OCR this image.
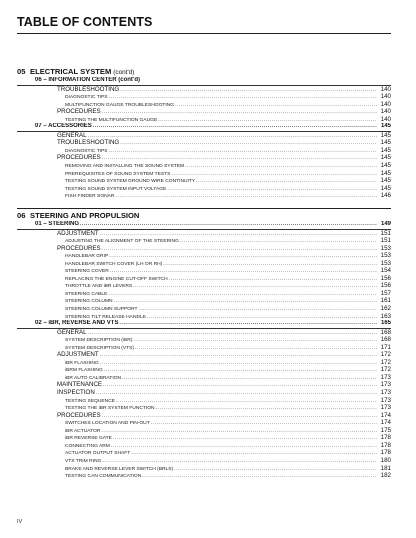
TABLE OF CONTENTS
05 ELECTRICAL SYSTEM (cont'd)
06 – INFORMATION CENTER (cont'd)
TROUBLESHOOTING .....	140
DIAGNOSTIC TIPS .....	140
MULTIFUNCTION GAUGE TROUBLESHOOTING .....	140
PROCEDURES .....	140
TESTING THE MULTIFUNCTION GAUGE .....	140
07 – ACCESSORIES .....	145
GENERAL .....	145
TROUBLESHOOTING .....	145
DIAGNOSTIC TIPS .....	145
PROCEDURES .....	145
REMOVING AND INSTALLING THE SOUND SYSTEM .....	145
PREREQUISITES OF SOUND SYSTEM TESTS .....	145
TESTING SOUND SYSTEM GROUND WIRE CONTINUITY .....	145
TESTING SOUND SYSTEM INPUT VOLTAGE .....	145
FISH FINDER SONAR .....	146
06 STEERING AND PROPULSION
01 – STEERING .....	149
ADJUSTMENT .....	151
ADJUSTING THE ALIGNMENT OF THE STEERING .....	151
PROCEDURES .....	153
HANDLEBAR GRIP .....	153
HANDLEBAR SWITCH COVER (LH OR RH) .....	153
STEERING COVER .....	154
REPLACING THE ENGINE CUT-OFF SWITCH .....	156
THROTTLE AND iBR LEVERS .....	156
STEERING CABLE .....	157
STEERING COLUMN .....	161
STEERING COLUMN SUPPORT .....	162
STEERING TILT RELEASE HANDLE .....	163
02 – iBR, REVERSE AND VTS .....	165
GENERAL .....	168
SYSTEM DESCRIPTION (iBR) .....	168
SYSTEM DESCRIPTION (VTS) .....	171
ADJUSTMENT .....	172
iBR FLASHING .....	172
iBRM FLASHING .....	172
iBR AUTO CALIBRATION .....	173
MAINTENANCE .....	173
INSPECTION .....	173
TESTING SEQUENCE .....	173
TESTING THE iBR SYSTEM FUNCTION .....	173
PROCEDURES .....	174
SWITCHES LOCATION AND PIN-OUT .....	174
iBR ACTUATOR .....	175
iBR REVERSE GATE .....	178
CONNECTING ARM .....	178
ACTUATOR OUTPUT SHAFT .....	178
VTS TRIM RING .....	180
BRAKE AND REVERSE LEVER SWITCH (BRLS) .....	181
TESTING CAN COMMUNICATION .....	182
IV
